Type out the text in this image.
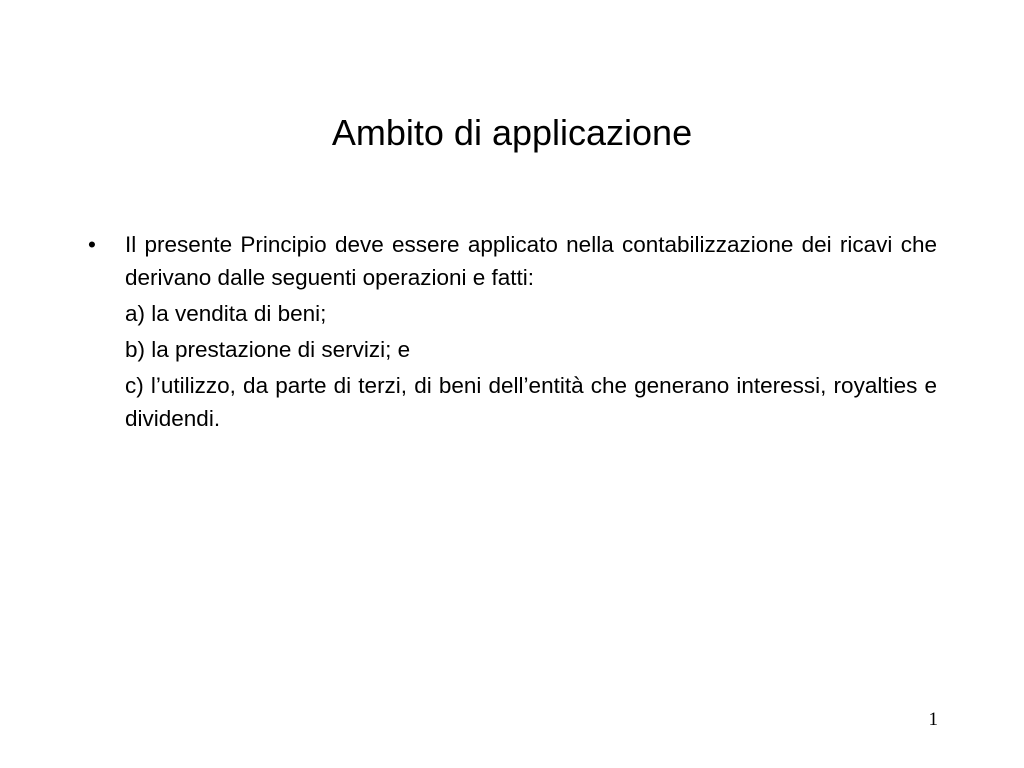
Ambito di applicazione
• Il presente Principio deve essere applicato nella contabilizzazione dei ricavi che derivano dalle seguenti operazioni e fatti:

a) la vendita di beni;

b) la prestazione di servizi; e

c) l’utilizzo, da parte di terzi, di beni dell’entità che generano interessi, royalties e dividendi.

1
